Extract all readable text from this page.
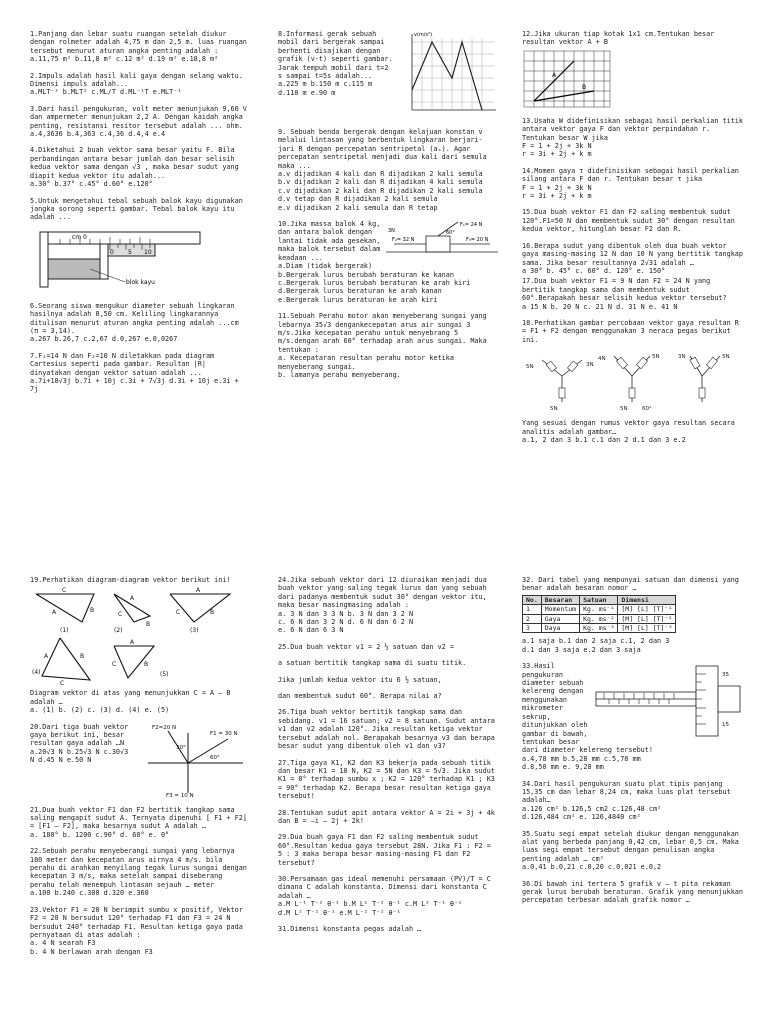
1.Panjang dan lebar suatu ruangan setelah diukur dengan rolmeter adalah 4,75 m dan 2,5 m. luas ruangan tersebut menurut aturan angka penting adalah :

a.11,75 m² b.11,8 m² c.12 m² d.19 m² e.18,8 m²

2.Impuls adalah hasil kali gaya dengan selang waktu. Dimensi impuls adalah...

a.MLT⁻² b.MLT² c.ML/T d.ML⁻¹T e.MLT⁻¹

3.Dari hasil pengukuran, volt meter menunjukan 9,60 V dan ampermeter menunjukan 2,2 A. Dengan kaidah angka penting, resistansi resitor tersebut adalah ... ohm.

a.4,3636 b.4,363 c.4,36 d.4,4 e.4

4.Diketahui 2 buah vektor sama besar yaitu F. Bila perbandingan antara besar jumlah dan besar selisih kedua vektor sama dengan √3 , maka besar sudut yang diapit kedua vektor itu adalah...

a.30° b.37° c.45° d.60° e.120°

5.Untuk mengetahui tebal sebuah balok kayu digunakan jangka sorong seperti gambar. Tebal balok kayu itu adalah ...

cm 0
0 5 10
blok kayu

6.Seorang siswa mengukur diameter sebuah lingkaran hasilnya adalah 8,50 cm. Keliling lingkarannya ditulisan menurut aturan angka penting adalah ...cm (π = 3,14).

a.267 b.26,7 c.2,67 d.0,267 e.0,0267

7.F₁=14 N dan F₂=10 N diletakkan pada diagram Cartesius seperti pada gambar. Resultan |R| dinyatakan dengan vektor satuan adalah ...

a.7i+10√3j b.7i + 10j c.3i + 7√3j d.3i + 10j e.3i + 7j

v(m/s²)

8.Informasi gerak sebuah mobil dari bergerak sampai berhenti disajikan dengan grafik (v-t) seperti gambar. Jarak tempuh mobil dari t=2 s sampai t=5s adalah...

a.225 m b.150 m c.115 m d.110 m e.90 m

9. Sebuah benda bergerak dengan kelajuan konstan v melalui lintasan yang berbentuk lingkaran berjari-jari R dengan percepatan sentripetal (aₛ). Agar percepatan sentripetal menjadi dua kali dari semula maka ...

a.v dijadikan 4 kali dan R dijadikan 2 kali semula
b.v dijadikan 2 kali dan R dijadikan 4 kali semula
c.v dijadikan 2 kali dan R dijadikan 2 kali semula
d.v tetap dan R dijadikan 2 kali semula
e.v dijadikan 2 kali semula dan R tetap

F₁= 24 N
F₂= 32 N	F₃= 20 N
3N	60°

10.Jika massa balok 4 kg, dan antara balok dengan lantai tidak ada gesekan, maka balok tersebut dalam keadaan ...

a.Diam (tidak bergerak)
b.Bergerak lurus berubah beraturan ke kanan
c.Bergerak lurus berubah beraturan ke arah kiri
d.Bergerak lurus beraturan ke arah kanan
e.Bergerak lurus beraturan ke arah kiri

11.Sebuah Perahu motor akan menyeberang sungai yang lebarnya 35√3 dengankecepatan arus air sungai 3 m/s.Jika kecepatan perahu untuk menyebrang 5 m/s.dengan arah 60° terhadap arah arus sungai. Maka tentukan :

a. Kecepataran resultan perahu motor ketika menyeberang sungai.
b. lamanya perahu menyeberang.

12.Jika ukuran tiap kotak 1x1 cm.Tentukan besar resultan vektor A + B

A
B

13.Usaha W didefinisikan sebagai hasil perkalian titik antara vektor gaya F dan vektor perpindahan r. Tentukan besar W jika

F = 1 + 2j + 3k N

r = 3i + 2j + k m

14.Momen gaya τ didefinisikan sebagai hasil perkalian silang antara F dan r. Tentukan besar τ jika

F = 1 + 2j + 3k N

r = 3i + 2j + k m

15.Dua buah vektor F1 dan F2 saling membentuk sudut 120°.F1=50 N dan membentuk sudut 30° dengan resultan kedua vektor, hitunglah besar F2 dan R.

16.Berapa sudut yang dibentuk oleh dua buah vektor gaya masing-masing 12 N dan 10 N yang bertitik tangkap sama. Jika besar resultannya 2√31 adalah …

a 30° b. 45° c. 60° d. 120° e. 150°

17.Dua buah vektor F1 = 9 N dan F2 = 24 N yang bertitik tangkap sama dan membentuk sudut 60°.Berapakah besar selisih kedua vektor tersebut?

a 15 N b. 20 N c. 21 N d. 31 N e. 41 N

18.Perhatikan gambar percobaan vektor gaya resultan R = F1 + F2 dengan menggunakan 3 neraca pegas berikut ini.

5N	3N
4N	5N	3N	5N
5N	5N	60°

Yang sesuai dengan rumus vektor gaya resultan secara analitis adalah gambar…

a.1, 2 dan 3 b.1 c.1 dan 2 d.1 dan 3 e.2

19.Perhatikan diagram-diagram vektor berikut ini!

C
A	B
A
B
C
A
B
C
A
C
B
A
B
C
(1)	(2)	(3)
(4)	(5)

Diagram vektor di atas yang menunjukkan C = A – B adalah …

a. (1) b. (2) c. (3) d. (4) e. (5)

F2=20 N
F1 = 30 N
F3 = 10 N
30°
60°

20.Dari tiga buah vektor gaya berikut ini, besar resultan gaya adalah …N

a.20√3 N b.25√3 N c.30√3 N d.45 N e.50 N

21.Dua buah vektor F1 dan F2 bertitik tangkap sama saling mengapit sudut A. Ternyata dipenuhi [ F1 + F2] = [F1 – F2], maka besarnya sudut A adalah …

a. 180° b. 1200 c.90° d. 60° e. 0°

22.Sebuah perahu menyeberangi sungai yang lebarnya 180 meter dan kecepatan arus airnya 4 m/s. bila perahu di arahkan menyilang tegak lurus sungai dengan kecepatan 3 m/s, maka setelah sampai diseberang perahu telah menempuh lintasan sejauh … meter

a.100 b.240 c.300 d.320 e.360

23.Vektor F1 = 20 N berimpit sumbu x positif, Vektor F2 = 20 N bersudut 120° terhadap F1 dan F3 = 24 N bersudut 240° terhadap F1. Resultan ketiga gaya pada pernyataan di atas adalah :

a. 4 N searah F3
b. 4 N berlawan arah dengan F3

24.Jika sebuah vektor dari 12 diuraikan menjadi dua buah vektor yang saling tegak lurus dan yang sebuah dari padanya membentuk sudut 30° dengan vektor itu, maka besar masingmasing adalah :

a. 3 N dan 3 3 N b. 3 N dan 3 2 N
c. 6 N dan 3 2 N d. 6 N dan 6 2 N
e. 6 N dan 6 3 N

25.Dua buah vektor v1 = 2 ½ satuan dan v2 =

a satuan bertitik tangkap sama di suatu titik.

Jika jumlah kedua vektor itu 6 ½ satuan,

dan membentuk sudut 60°. Berapa nilai a?

26.Tiga buah vektor bertitik tangkap sama dan sebidang. v1 = 16 satuan; v2 = 8 satuan. Sudut antara v1 dan v2 adalah 120°. Jika resultan ketiga vektor tersebut adalah nol. Berapakah besarnya v3 dan berapa besar sudut yang dibentuk oleh v1 dan v3?

27.Tiga gaya K1, K2 dan K3 bekerja pada sebuah titik dan besar K1 = 10 N, K2 = 5N dan K3 = 5√3. Jika sudut K1 = 0° terhadap sumbu x ; K2 = 120° terhadap K1 ; K3 = 90° terhadap K2. Berapa besar resultan ketiga gaya tersebut!

28.Tentukan sudut apit antara vektor A = 2i + 3j + 4k dan B = –i – 2j + 2k!

29.Dua buah gaya F1 dan F2 saling membentuk sudut 60°.Resultan kedua gaya tersebut 28N. Jika F1 : F2 = 5 : 3 maka berapa besar masing-masing F1 dan F2 tersebut?

30.Persamaan gas ideal memenuhi persamaan (PV)/T = C dimana C adalah konstanta. Dimensi dari konstanta C adalah …

a.M L⁻¹ T⁻² θ⁻¹ b.M L² T⁻² θ⁻¹ c.M L² T⁻¹ θ⁻¹
d.M L² T⁻² θ⁻¹ e.M L⁻² T⁻² θ⁻¹

31.Dimensi konstanta pegas adalah …

32. Dari tabel yang mempunyai satuan dan dimensi yang benar adalah besaran nomor …

No.	Besaran	Satuan	Dimensi
1	Momentum	Kg. ms⁻¹	[M] [L] [T]⁻¹
2	Gaya	Kg. ms⁻²	[M] [L] [T]⁻²
3	Daya	Kg. ms⁻³	[M] [L] [T]⁻³

a.1 saja b.1 dan 2 saja c.1, 2 dan 3
d.1 dan 3 saja e.2 dan 3 saja

35
15

33.Hasil pengukuran diameter sebuah kelereng dengan menggunakan mikrometer sekrup, ditunjukkan oleh gambar di bawah, tentukan besar dari diameter kelereng tersebut!

a.4,78 mm b.5,28 mm c.5,78 mm
d.8,50 mm e. 9,28 mm

34.Dari hasil pengukuran suatu plat tipis panjang 15,35 cm dan lebar 8,24 cm, maka luas plat tersebut adalah…

a.126 cm² b.126,5 cm2 c.126,48 cm²
d.126,484 cm² e. 126,4840 cm²

35.Suatu segi empat setelah diukur dengan menggunakan alat yang berbeda panjang 0,42 cm, lebar 0,5 cm. Maka luas segi empat tersebut dengan penulisan angka penting adalah … cm²

a.0,41 b.0,21 c.0,20 c.0,021 e.0,2

36.Di bawah ini tertera 5 grafik v – t pita rekaman gerak lurus berubah beraturan. Grafik yang menunjukkan percepatan terbesar adalah grafik nomor …
